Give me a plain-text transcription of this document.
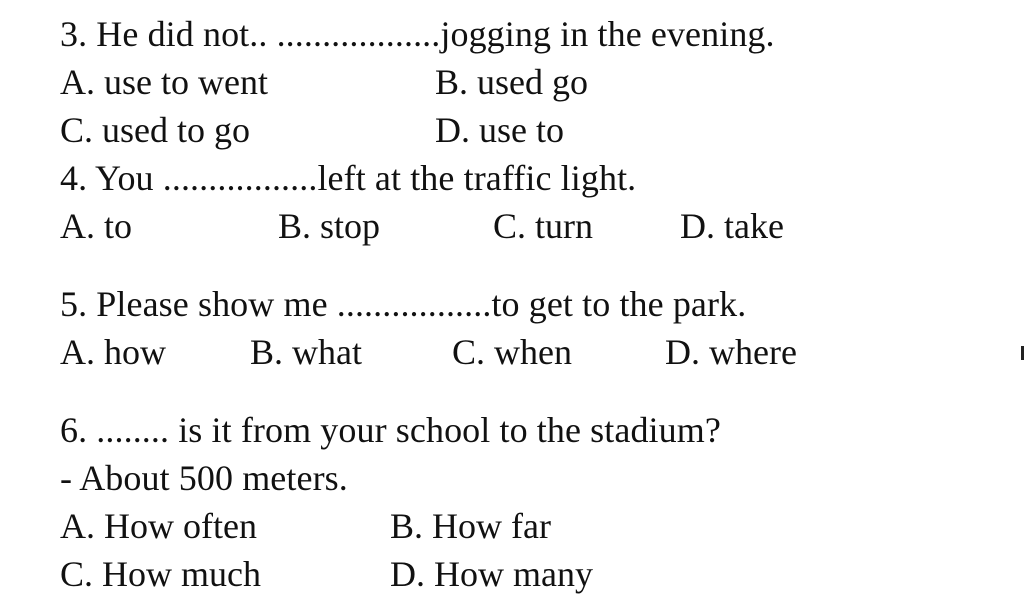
3. He did not.. ..................jogging in the evening.
A. use to went	B. used go
C. used to go	D. use to
4. You .................left at the traffic light.
A. to	B. stop	C. turn D. take
5. Please show me .................to get to the park.
A. how B. what	C. when	D. where
6. ........ is it from your school to the stadium?
- About 500 meters.
A. How often	B. How far
C. How much	D. How many
